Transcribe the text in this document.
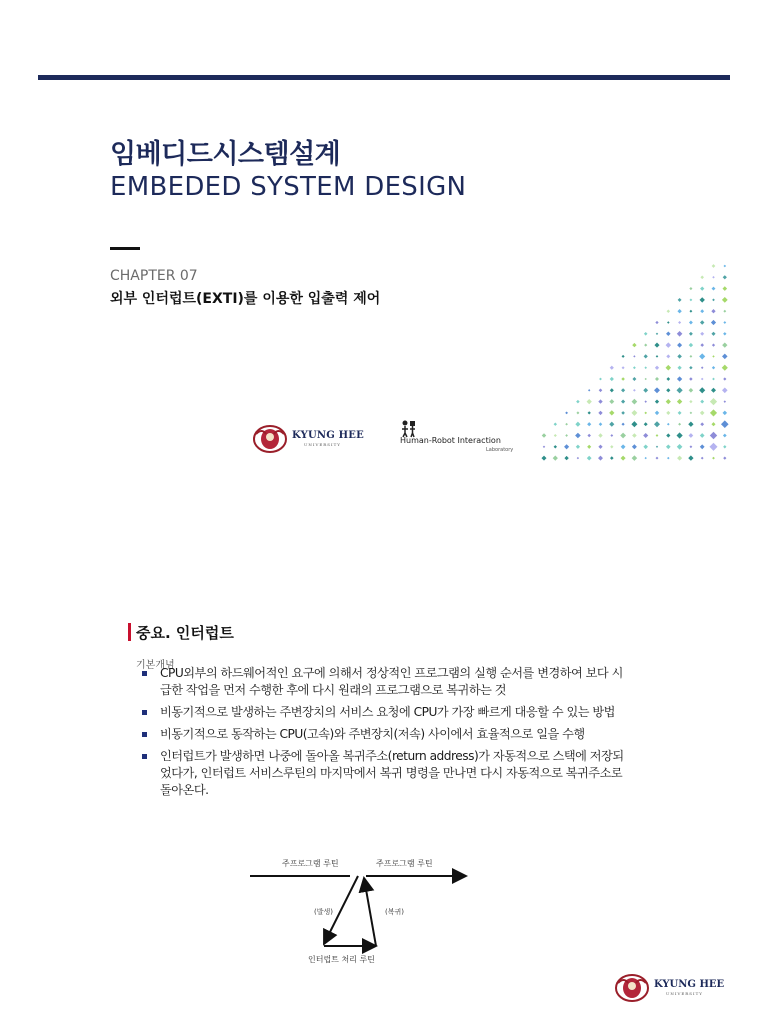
임베디드시스템설계
EMBEDED SYSTEM DESIGN
CHAPTER 07
외부 인터럽트(EXTI)를 이용한 입출력 제어
KYUNG HEE
UNIVERSITY	Human-Robot Interaction
Laboratory
중요. 인터럽트
기본개념
CPU외부의 하드웨어적인 요구에 의해서 정상적인 프로그램의 실행 순서를 변경하여 보다 시급한 작업을 먼저 수행한 후에 다시 원래의 프로그램으로 복귀하는 것
비동기적으로 발생하는 주변장치의 서비스 요청에 CPU가 가장 빠르게 대응할 수 있는 방법
비동기적으로 동작하는 CPU(고속)와 주변장치(저속) 사이에서 효율적으로 일을 수행
인터럽트가 발생하면 나중에 돌아올 복귀주소(return address)가 자동적으로 스택에 저장되었다가, 인터럽트 서비스루틴의 마지막에서 복귀 명령을 만나면 다시 자동적으로 복귀주소로 돌아온다.
주프로그램 루틴	주프로그램 루틴
(발생)	(복귀)
인터럽트 처리 루틴
KYUNG HEE
UNIVERSITY
